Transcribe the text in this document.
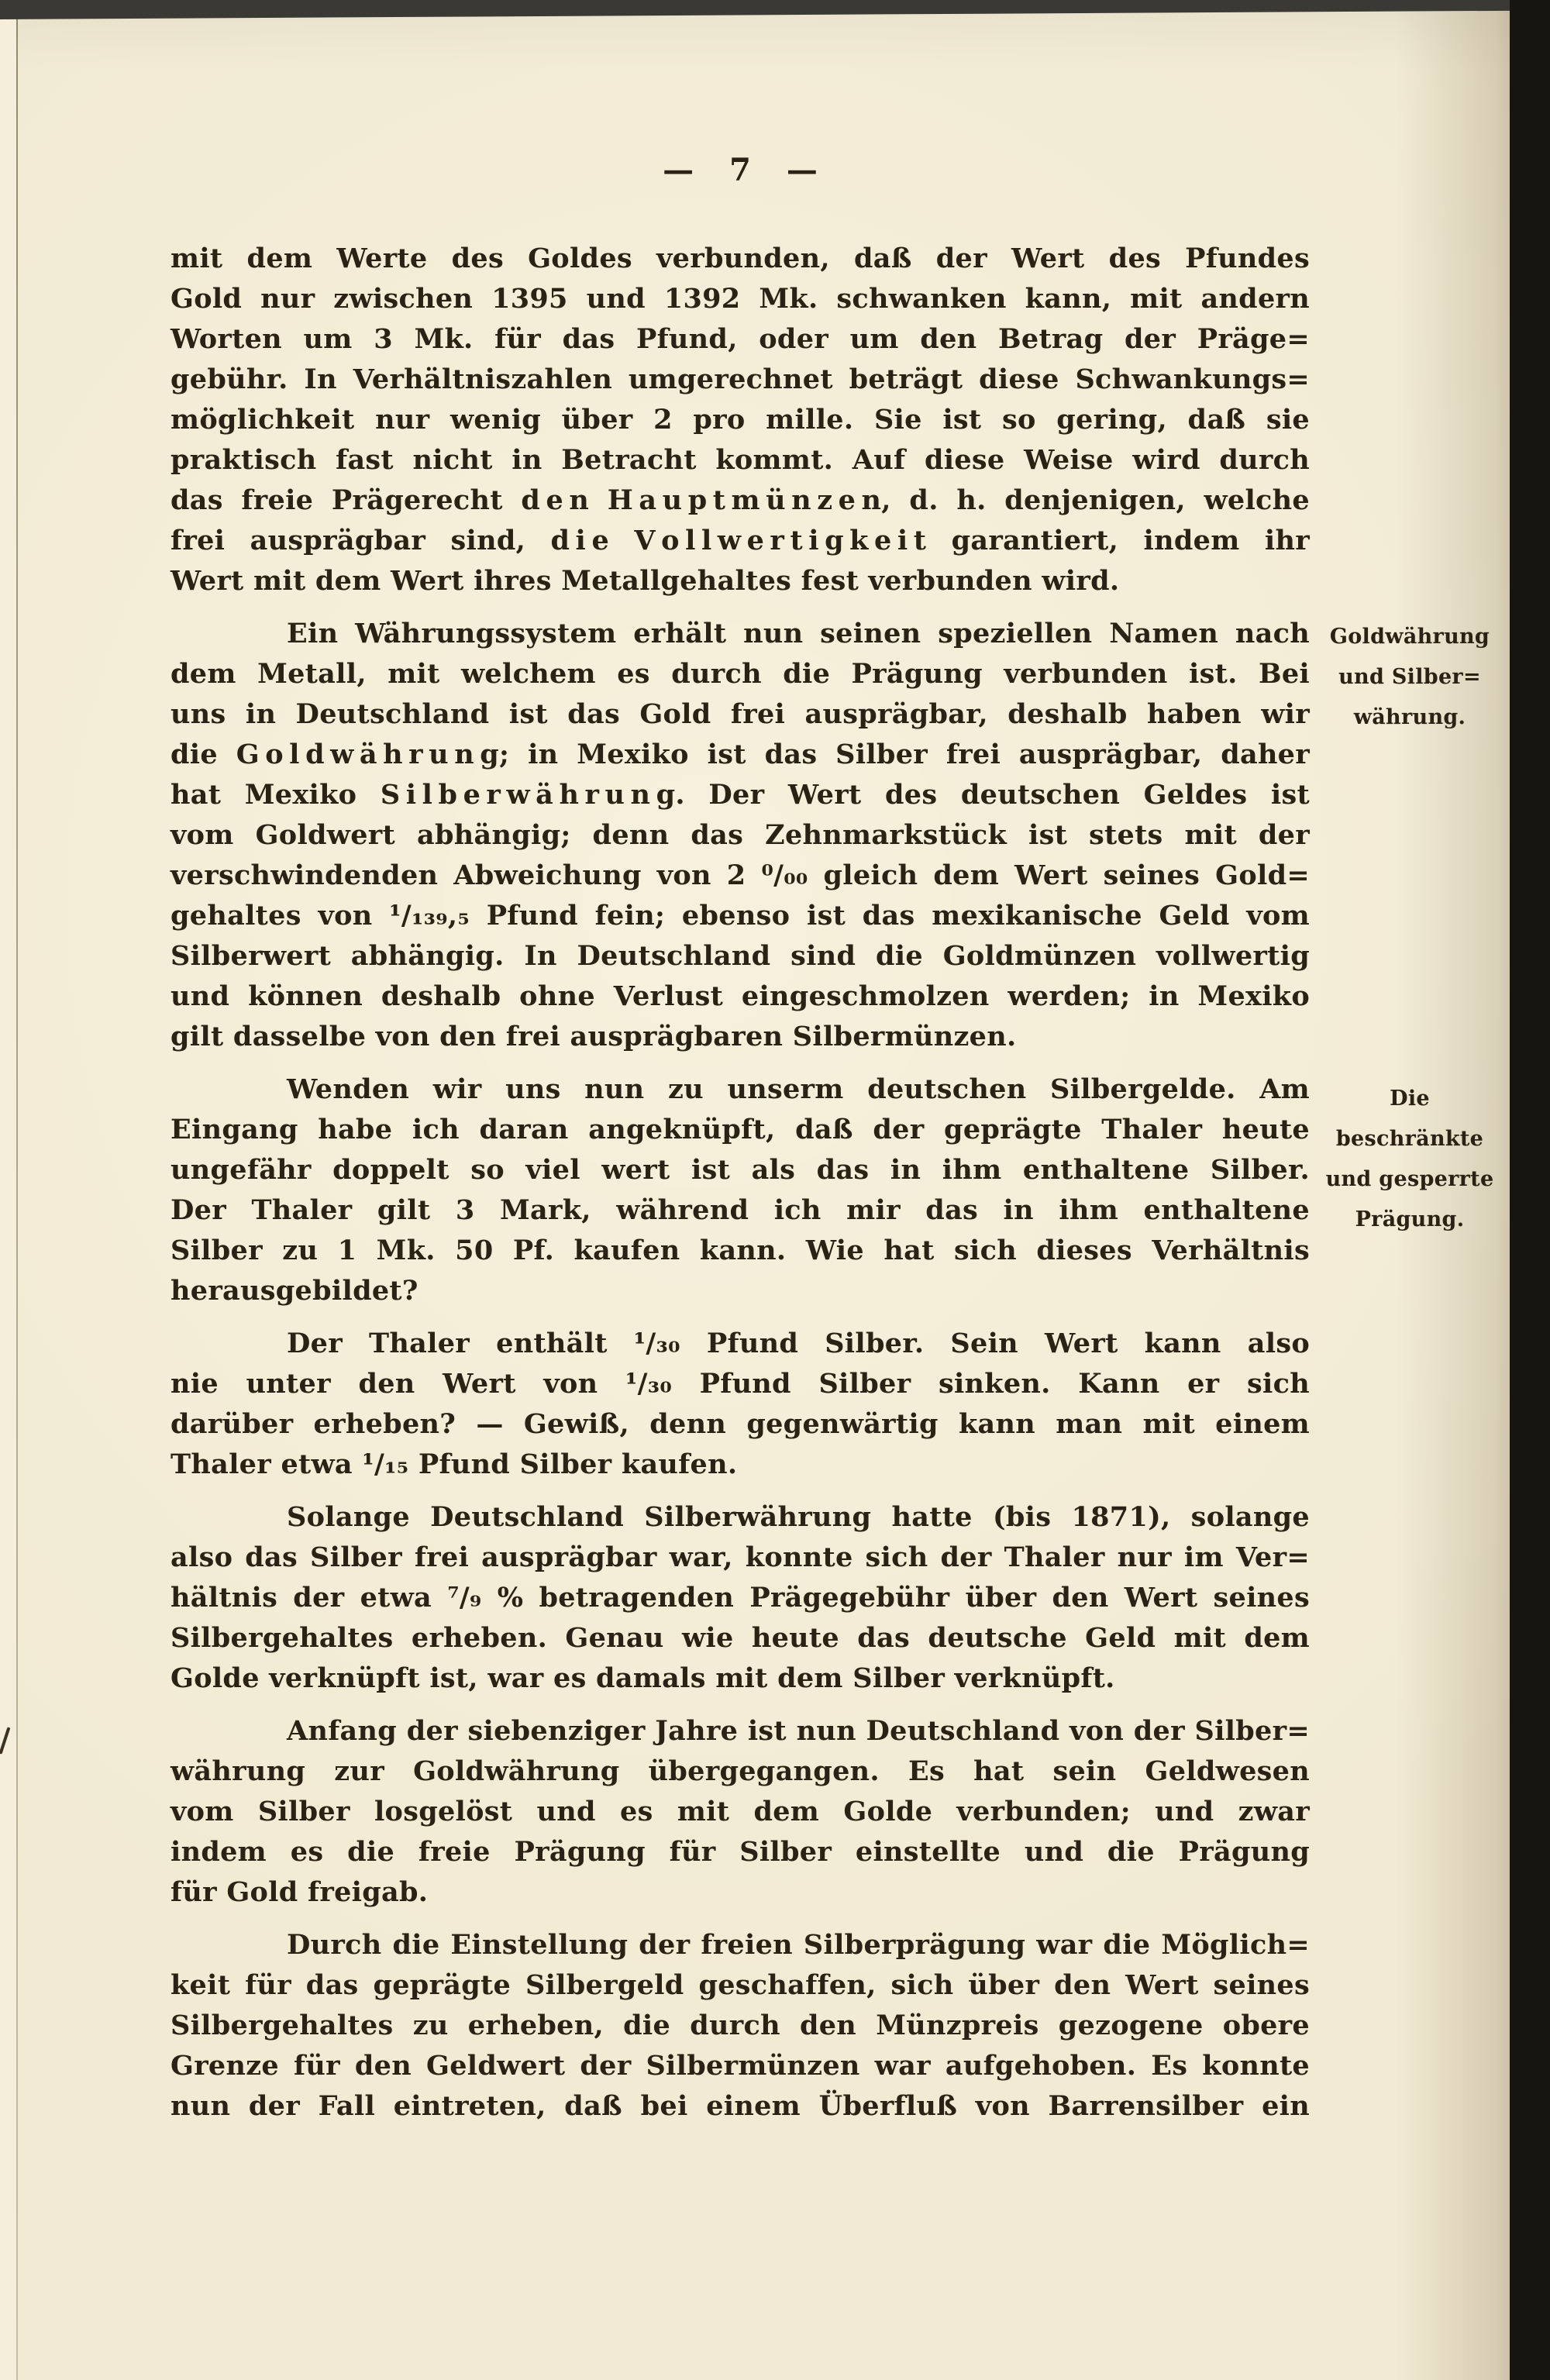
— 7 —
mit dem Werte des Goldes verbunden, daß der Wert des Pfundes
Gold nur zwischen 1395 und 1392 Mk. schwanken kann, mit andern
Worten um 3 Mk. für das Pfund, oder um den Betrag der Präge=
gebühr. In Verhältniszahlen umgerechnet beträgt diese Schwankungs=
möglichkeit nur wenig über 2 pro mille. Sie ist so gering, daß sie
praktisch fast nicht in Betracht kommt. Auf diese Weise wird durch
das freie Prägerecht d e n H a u p t m ü n z e n, d. h. denjenigen, welche
frei ausprägbar sind, d i e V o l l w e r t i g k e i t garantiert, indem ihr
Wert mit dem Wert ihres Metallgehaltes fest verbunden wird.
Ein Währungssystem erhält nun seinen speziellen Namen nach
dem Metall, mit welchem es durch die Prägung verbunden ist. Bei
uns in Deutschland ist das Gold frei ausprägbar, deshalb haben wir
die G o l d w ä h r u n g; in Mexiko ist das Silber frei ausprägbar, daher
hat Mexiko S i l b e r w ä h r u n g. Der Wert des deutschen Geldes ist
vom Goldwert abhängig; denn das Zehnmarkstück ist stets mit der
verschwindenden Abweichung von 2 ⁰/₀₀ gleich dem Wert seines Gold=
gehaltes von ¹/₁₃₉,₅ Pfund fein; ebenso ist das mexikanische Geld vom
Silberwert abhängig. In Deutschland sind die Goldmünzen vollwertig
und können deshalb ohne Verlust eingeschmolzen werden; in Mexiko
gilt dasselbe von den frei ausprägbaren Silbermünzen.
Wenden wir uns nun zu unserm deutschen Silbergelde. Am
Eingang habe ich daran angeknüpft, daß der geprägte Thaler heute
ungefähr doppelt so viel wert ist als das in ihm enthaltene Silber.
Der Thaler gilt 3 Mark, während ich mir das in ihm enthaltene
Silber zu 1 Mk. 50 Pf. kaufen kann. Wie hat sich dieses Verhältnis
herausgebildet?
Der Thaler enthält ¹/₃₀ Pfund Silber. Sein Wert kann also
nie unter den Wert von ¹/₃₀ Pfund Silber sinken. Kann er sich
darüber erheben? — Gewiß, denn gegenwärtig kann man mit einem
Thaler etwa ¹/₁₅ Pfund Silber kaufen.
Solange Deutschland Silberwährung hatte (bis 1871), solange
also das Silber frei ausprägbar war, konnte sich der Thaler nur im Ver=
hältnis der etwa ⁷/₉ % betragenden Prägegebühr über den Wert seines
Silbergehaltes erheben. Genau wie heute das deutsche Geld mit dem
Golde verknüpft ist, war es damals mit dem Silber verknüpft.
Anfang der siebenziger Jahre ist nun Deutschland von der Silber=
währung zur Goldwährung übergegangen. Es hat sein Geldwesen
vom Silber losgelöst und es mit dem Golde verbunden; und zwar
indem es die freie Prägung für Silber einstellte und die Prägung
für Gold freigab.
Durch die Einstellung der freien Silberprägung war die Möglich=
keit für das geprägte Silbergeld geschaffen, sich über den Wert seines
Silbergehaltes zu erheben, die durch den Münzpreis gezogene obere
Grenze für den Geldwert der Silbermünzen war aufgehoben. Es konnte
nun der Fall eintreten, daß bei einem Überfluß von Barrensilber ein
Goldwährung
und Silber=
währung.
Die
beschränkte
und gesperrte
Prägung.
